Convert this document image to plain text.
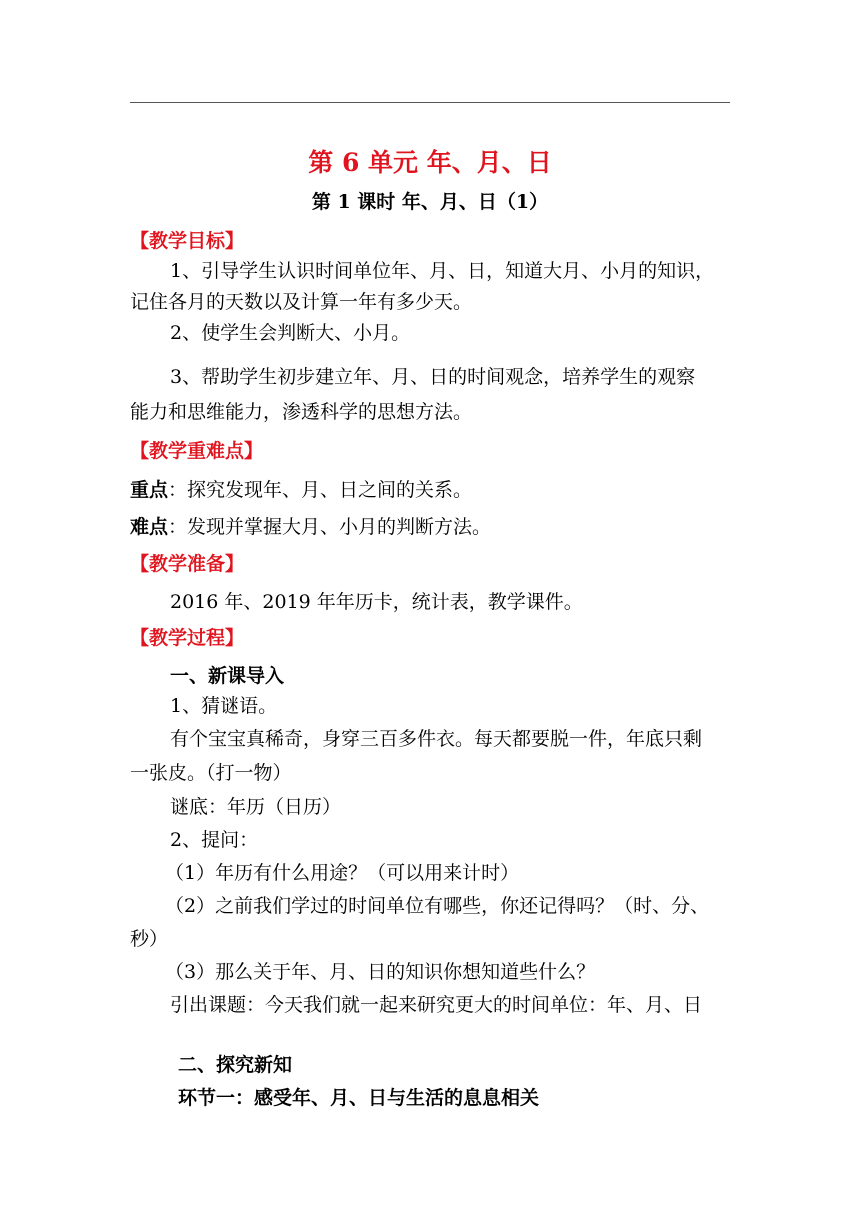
第 6 单元 年、月、日
第 1 课时 年、月、日（1）
【教学目标】
1、引导学生认识时间单位年、月、日，知道大月、小月的知识，
记住各月的天数以及计算一年有多少天。
2、使学生会判断大、小月。
3、帮助学生初步建立年、月、日的时间观念，培养学生的观察
能力和思维能力，渗透科学的思想方法。
【教学重难点】
重点：探究发现年、月、日之间的关系。
难点：发现并掌握大月、小月的判断方法。
【教学准备】
2016 年、2019 年年历卡，统计表，教学课件。
【教学过程】
一、新课导入
1、猜谜语。
有个宝宝真稀奇，身穿三百多件衣。每天都要脱一件，年底只剩
一张皮。（打一物）
谜底：年历（日历）
2、提问：
（1）年历有什么用途？（可以用来计时）
（2）之前我们学过的时间单位有哪些，你还记得吗？（时、分、
秒）
（3）那么关于年、月、日的知识你想知道些什么？
引出课题：今天我们就一起来研究更大的时间单位：年、月、日
二、探究新知
环节一：感受年、月、日与生活的息息相关
